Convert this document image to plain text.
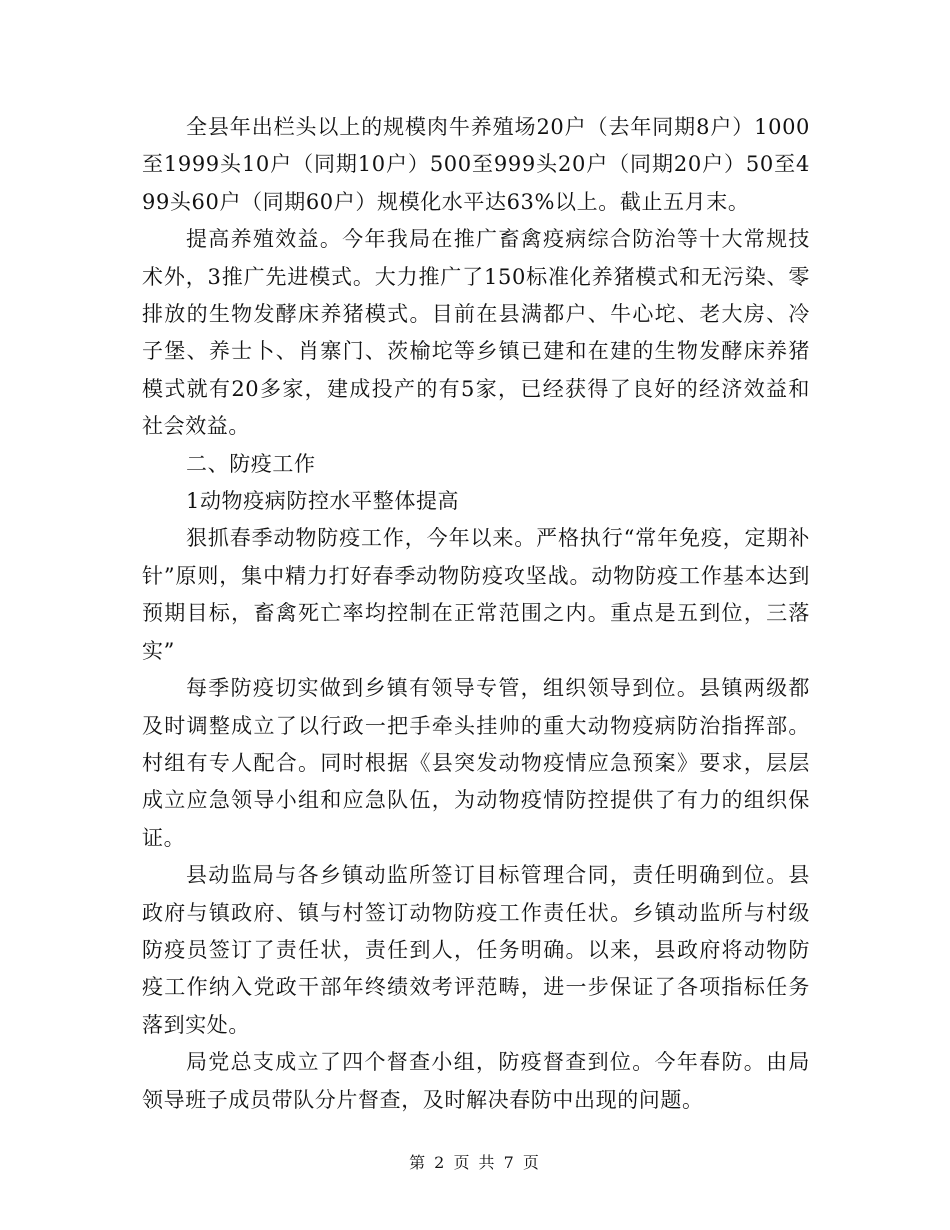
全县年出栏头以上的规模肉牛养殖场20户（去年同期8户）1000至1999头10户（同期10户）500至999头20户（同期20户）50至499头60户（同期60户）规模化水平达63%以上。截止五月末。

提高养殖效益。今年我局在推广畜禽疫病综合防治等十大常规技术外，3推广先进模式。大力推广了150标准化养猪模式和无污染、零排放的生物发酵床养猪模式。目前在县满都户、牛心坨、老大房、冷子堡、养士卜、肖寨门、茨榆坨等乡镇已建和在建的生物发酵床养猪模式就有20多家，建成投产的有5家，已经获得了良好的经济效益和社会效益。

二、防疫工作

1动物疫病防控水平整体提高

狠抓春季动物防疫工作，今年以来。严格执行“常年免疫，定期补针”原则，集中精力打好春季动物防疫攻坚战。动物防疫工作基本达到预期目标，畜禽死亡率均控制在正常范围之内。重点是五到位，三落实”

每季防疫切实做到乡镇有领导专管，组织领导到位。县镇两级都及时调整成立了以行政一把手牵头挂帅的重大动物疫病防治指挥部。村组有专人配合。同时根据《县突发动物疫情应急预案》要求，层层成立应急领导小组和应急队伍，为动物疫情防控提供了有力的组织保证。

县动监局与各乡镇动监所签订目标管理合同，责任明确到位。县政府与镇政府、镇与村签订动物防疫工作责任状。乡镇动监所与村级防疫员签订了责任状，责任到人，任务明确。以来，县政府将动物防疫工作纳入党政干部年终绩效考评范畴，进一步保证了各项指标任务落到实处。

局党总支成立了四个督查小组，防疫督查到位。今年春防。由局领导班子成员带队分片督查，及时解决春防中出现的问题。

第 2 页 共 7 页
